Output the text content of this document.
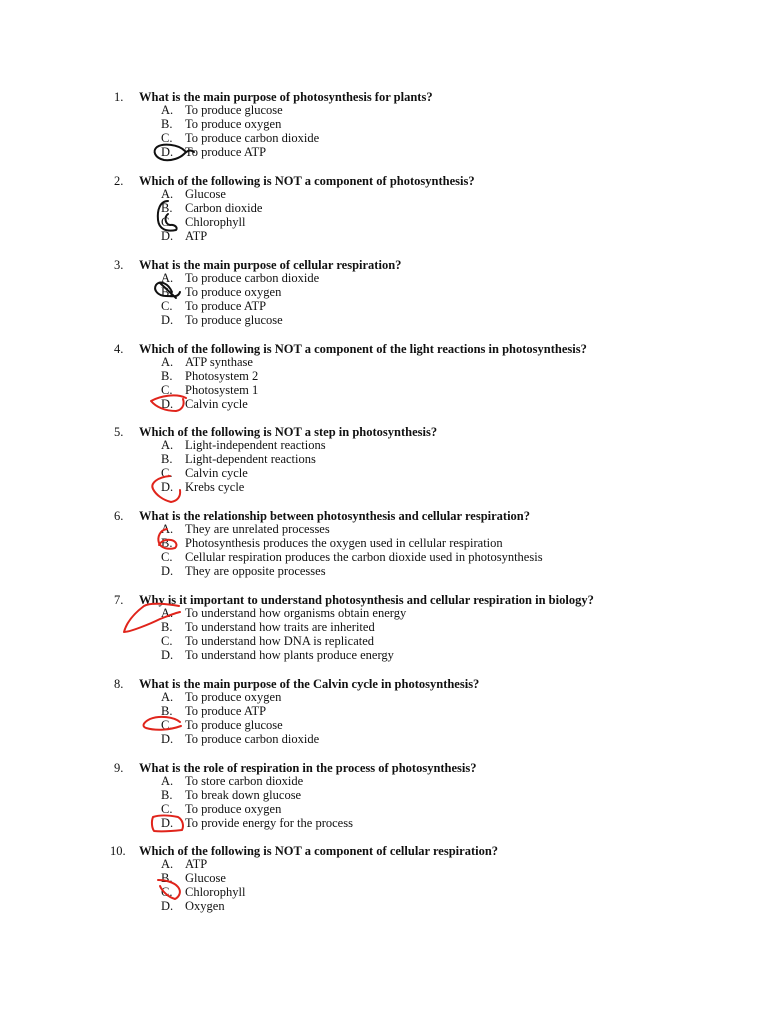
1. What is the main purpose of photosynthesis for plants?
A. To produce glucose
B. To produce oxygen
C. To produce carbon dioxide
D. To produce ATP
2. Which of the following is NOT a component of photosynthesis?
A. Glucose
B. Carbon dioxide
C. Chlorophyll
D. ATP
3. What is the main purpose of cellular respiration?
A. To produce carbon dioxide
B. To produce oxygen
C. To produce ATP
D. To produce glucose
4. Which of the following is NOT a component of the light reactions in photosynthesis?
A. ATP synthase
B. Photosystem 2
C. Photosystem 1
D. Calvin cycle
5. Which of the following is NOT a step in photosynthesis?
A. Light-independent reactions
B. Light-dependent reactions
C. Calvin cycle
D. Krebs cycle
6. What is the relationship between photosynthesis and cellular respiration?
A. They are unrelated processes
B. Photosynthesis produces the oxygen used in cellular respiration
C. Cellular respiration produces the carbon dioxide used in photosynthesis
D. They are opposite processes
7. Why is it important to understand photosynthesis and cellular respiration in biology?
A. To understand how organisms obtain energy
B. To understand how traits are inherited
C. To understand how DNA is replicated
D. To understand how plants produce energy
8. What is the main purpose of the Calvin cycle in photosynthesis?
A. To produce oxygen
B. To produce ATP
C. To produce glucose
D. To produce carbon dioxide
9. What is the role of respiration in the process of photosynthesis?
A. To store carbon dioxide
B. To break down glucose
C. To produce oxygen
D. To provide energy for the process
10. Which of the following is NOT a component of cellular respiration?
A. ATP
B. Glucose
C. Chlorophyll
D. Oxygen
